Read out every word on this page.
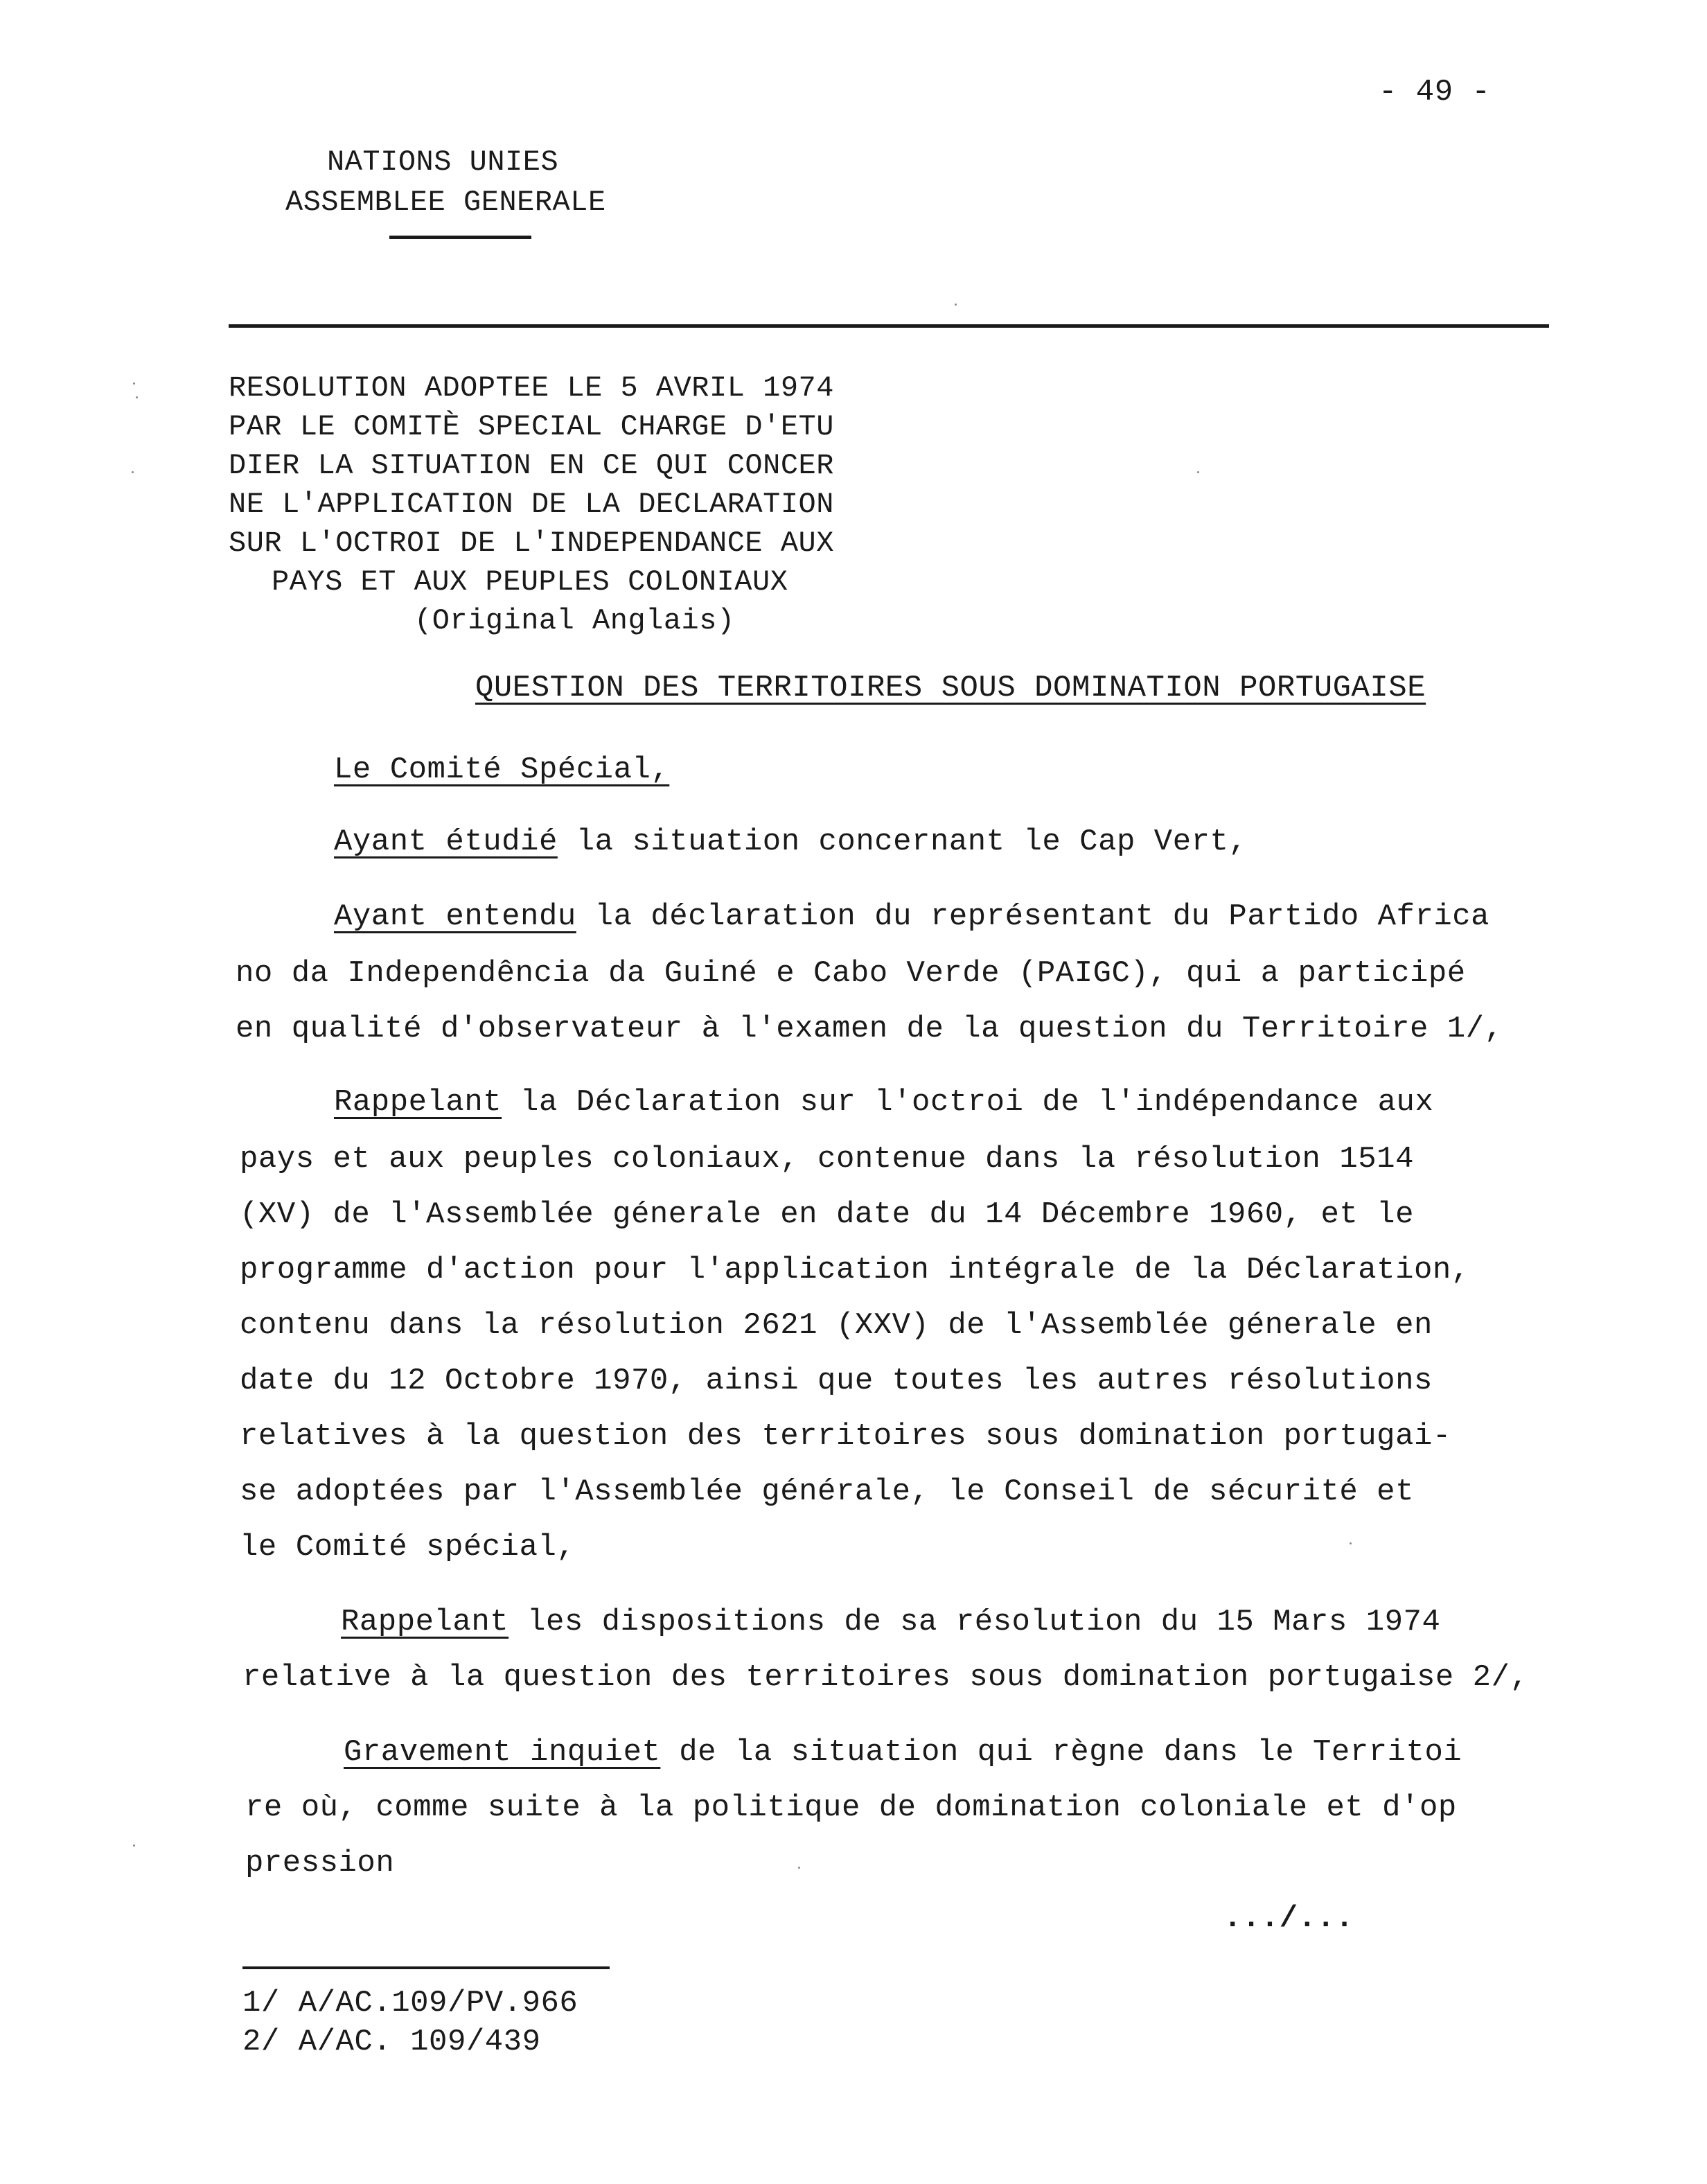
- 49 -
NATIONS UNIES
ASSEMBLEE GENERALE
RESOLUTION ADOPTEE LE 5 AVRIL 1974
PAR LE COMITÈ SPECIAL CHARGE D'ETU
DIER LA SITUATION EN CE QUI CONCER
NE L'APPLICATION DE LA DECLARATION
SUR L'OCTROI DE L'INDEPENDANCE AUX
PAYS ET AUX PEUPLES COLONIAUX
(Original Anglais)
QUESTION DES TERRITOIRES SOUS DOMINATION PORTUGAISE
Le Comité Spécial,
Ayant étudié la situation concernant le Cap Vert,
Ayant entendu la déclaration du représentant du Partido Africa
no da Independência da Guiné e Cabo Verde (PAIGC), qui a participé
en qualité d'observateur à l'examen de la question du Territoire 1/,
Rappelant la Déclaration sur l'octroi de l'indépendance aux
pays et aux peuples coloniaux, contenue dans la résolution 1514
(XV) de l'Assemblée génerale en date du 14 Décembre 1960, et le
programme d'action pour l'application intégrale de la Déclaration,
contenu dans la résolution 2621 (XXV) de l'Assemblée génerale en
date du 12 Octobre 1970, ainsi que toutes les autres résolutions
relatives à la question des territoires sous domination portugai-
se adoptées par l'Assemblée générale, le Conseil de sécurité et
le Comité spécial,
Rappelant les dispositions de sa résolution du 15 Mars 1974
relative à la question des territoires sous domination portugaise 2/,
Gravement inquiet de la situation qui règne dans le Territoi
re où, comme suite à la politique de domination coloniale et d'op
pression
.../...
1/ A/AC.109/PV.966
2/ A/AC. 109/439
